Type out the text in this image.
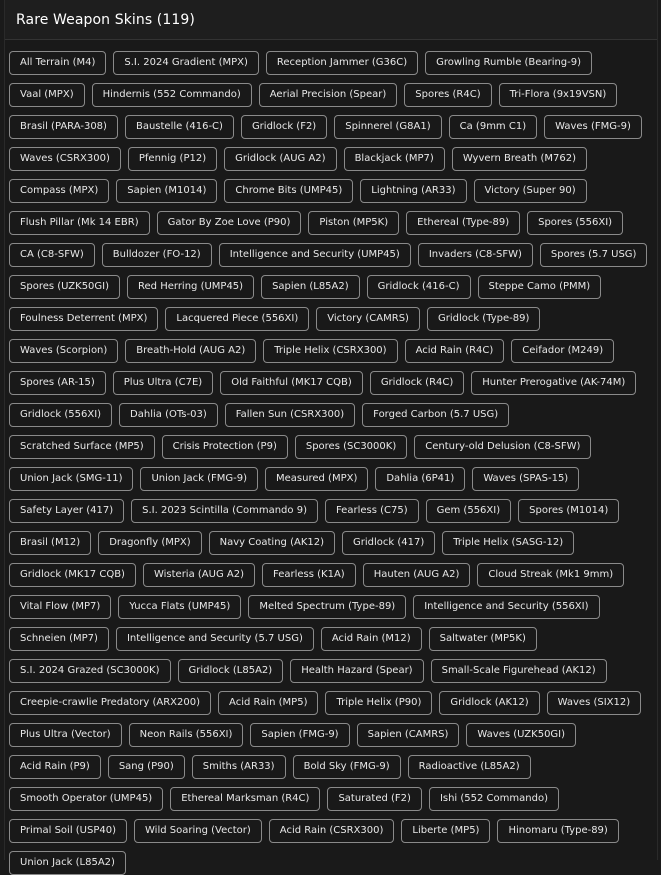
Rare Weapon Skins (119)
All Terrain (M4)	S.I. 2024 Gradient (MPX)	Reception Jammer (G36C)	Growling Rumble (Bearing-9)
Vaal (MPX)	Hindernis (552 Commando)	Aerial Precision (Spear)	Spores (R4C)	Tri-Flora (9x19VSN)
Brasil (PARA-308)	Baustelle (416-C)	Gridlock (F2)	Spinnerel (G8A1)	Ca (9mm C1)	Waves (FMG-9)
Waves (CSRX300)	Pfennig (P12)	Gridlock (AUG A2)	Blackjack (MP7)	Wyvern Breath (M762)
Compass (MPX)	Sapien (M1014)	Chrome Bits (UMP45)	Lightning (AR33)	Victory (Super 90)
Flush Pillar (Mk 14 EBR)	Gator By Zoe Love (P90)	Piston (MP5K)	Ethereal (Type-89)	Spores (556XI)
CA (C8-SFW)	Bulldozer (FO-12)	Intelligence and Security (UMP45)	Invaders (C8-SFW)	Spores (5.7 USG)
Spores (UZK50GI)	Red Herring (UMP45)	Sapien (L85A2)	Gridlock (416-C)	Steppe Camo (PMM)
Foulness Deterrent (MPX)	Lacquered Piece (556XI)	Victory (CAMRS)	Gridlock (Type-89)
Waves (Scorpion)	Breath-Hold (AUG A2)	Triple Helix (CSRX300)	Acid Rain (R4C)	Ceifador (M249)
Spores (AR-15)	Plus Ultra (C7E)	Old Faithful (MK17 CQB)	Gridlock (R4C)	Hunter Prerogative (AK-74M)
Gridlock (556XI)	Dahlia (OTs-03)	Fallen Sun (CSRX300)	Forged Carbon (5.7 USG)
Scratched Surface (MP5)	Crisis Protection (P9)	Spores (SC3000K)	Century-old Delusion (C8-SFW)
Union Jack (SMG-11)	Union Jack (FMG-9)	Measured (MPX)	Dahlia (6P41)	Waves (SPAS-15)
Safety Layer (417)	S.I. 2023 Scintilla (Commando 9)	Fearless (C75)	Gem (556XI)	Spores (M1014)
Brasil (M12)	Dragonfly (MPX)	Navy Coating (AK12)	Gridlock (417)	Triple Helix (SASG-12)
Gridlock (MK17 CQB)	Wisteria (AUG A2)	Fearless (K1A)	Hauten (AUG A2)	Cloud Streak (Mk1 9mm)
Vital Flow (MP7)	Yucca Flats (UMP45)	Melted Spectrum (Type-89)	Intelligence and Security (556XI)
Schneien (MP7)	Intelligence and Security (5.7 USG)	Acid Rain (M12)	Saltwater (MP5K)
S.I. 2024 Grazed (SC3000K)	Gridlock (L85A2)	Health Hazard (Spear)	Small-Scale Figurehead (AK12)
Creepie-crawlie Predatory (ARX200)	Acid Rain (MP5)	Triple Helix (P90)	Gridlock (AK12)	Waves (SIX12)
Plus Ultra (Vector)	Neon Rails (556XI)	Sapien (FMG-9)	Sapien (CAMRS)	Waves (UZK50GI)
Acid Rain (P9)	Sang (P90)	Smiths (AR33)	Bold Sky (FMG-9)	Radioactive (L85A2)
Smooth Operator (UMP45)	Ethereal Marksman (R4C)	Saturated (F2)	Ishi (552 Commando)
Primal Soil (USP40)	Wild Soaring (Vector)	Acid Rain (CSRX300)	Liberte (MP5)	Hinomaru (Type-89)
Union Jack (L85A2)
